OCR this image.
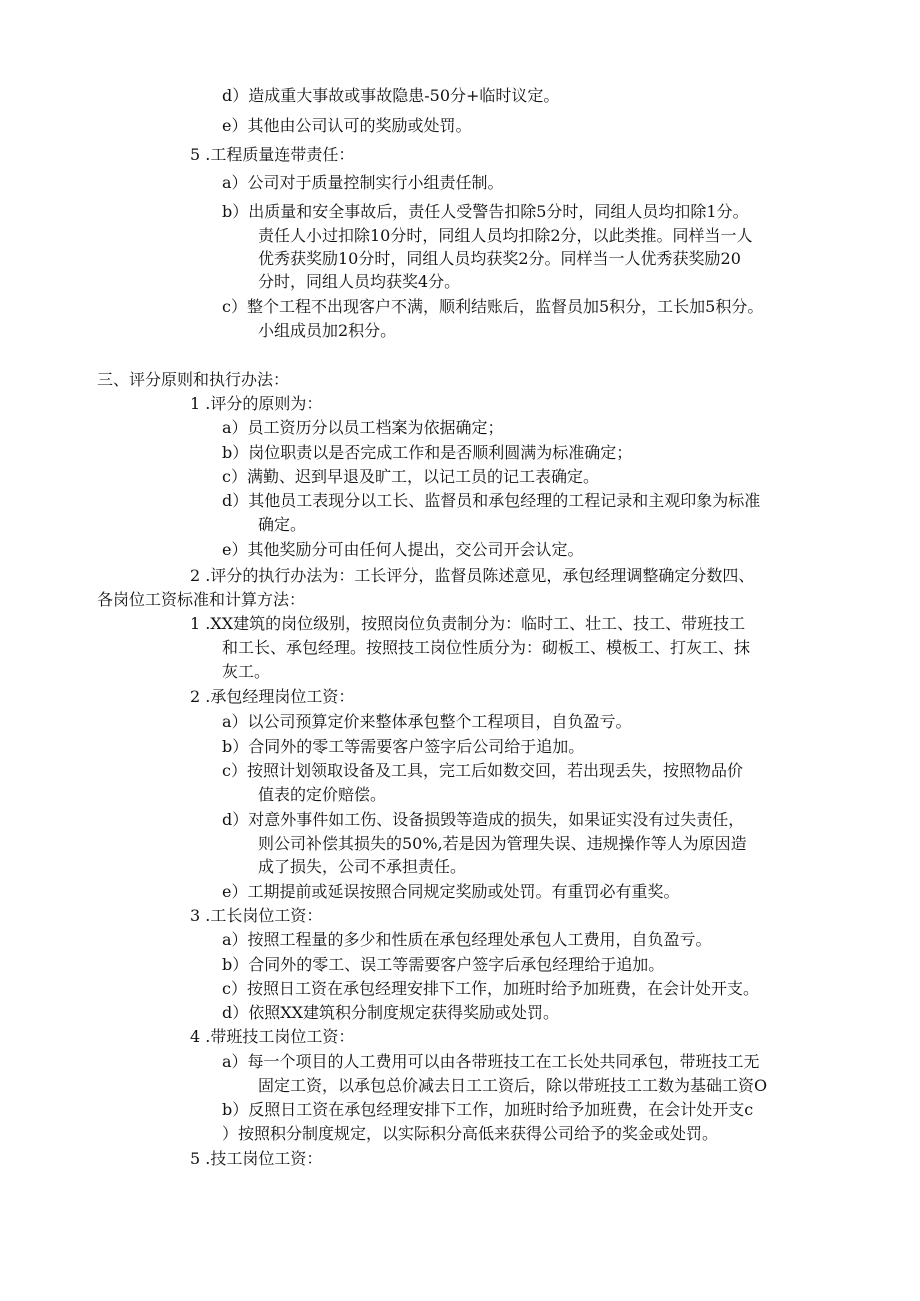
d）造成重大事故或事故隐患-50分+临时议定。
e）其他由公司认可的奖励或处罚。
5 .工程质量连带责任：
a）公司对于质量控制实行小组责任制。
b）出质量和安全事故后，责任人受警告扣除5分时，同组人员均扣除1分。
责任人小过扣除10分时，同组人员均扣除2分，以此类推。同样当一人
优秀获奖励10分时，同组人员均获奖2分。同样当一人优秀获奖励20
分时，同组人员均获奖4分。
c）整个工程不出现客户不满，顺利结账后，监督员加5积分，工长加5积分。
小组成员加2积分。
三、评分原则和执行办法：
1 .评分的原则为：
a）员工资历分以员工档案为依据确定；
b）岗位职责以是否完成工作和是否顺利圆满为标准确定；
c）满勤、迟到早退及旷工，以记工员的记工表确定。
d）其他员工表现分以工长、监督员和承包经理的工程记录和主观印象为标准
确定。
e）其他奖励分可由任何人提出，交公司开会认定。
2 .评分的执行办法为：工长评分，监督员陈述意见，承包经理调整确定分数四、
各岗位工资标准和计算方法：
1 .XX建筑的岗位级别，按照岗位负责制分为：临时工、壮工、技工、带班技工
和工长、承包经理。按照技工岗位性质分为：砌板工、模板工、打灰工、抹
灰工。
2 .承包经理岗位工资：
a）以公司预算定价来整体承包整个工程项目，自负盈亏。
b）合同外的零工等需要客户签字后公司给于追加。
c）按照计划领取设备及工具，完工后如数交回，若出现丢失，按照物品价
值表的定价赔偿。
d）对意外事件如工伤、设备损毁等造成的损失，如果证实没有过失责任，
则公司补偿其损失的50%,若是因为管理失误、违规操作等人为原因造
成了损失，公司不承担责任。
e）工期提前或延误按照合同规定奖励或处罚。有重罚必有重奖。
3 .工长岗位工资：
a）按照工程量的多少和性质在承包经理处承包人工费用，自负盈亏。
b）合同外的零工、误工等需要客户签字后承包经理给于追加。
c）按照日工资在承包经理安排下工作，加班时给予加班费，在会计处开支。
d）依照XX建筑积分制度规定获得奖励或处罚。
4 .带班技工岗位工资：
a）每一个项目的人工费用可以由各带班技工在工长处共同承包，带班技工无
固定工资，以承包总价减去日工工资后，除以带班技工工数为基础工资O
b）反照日工资在承包经理安排下工作，加班时给予加班费，在会计处开支c
）按照积分制度规定，以实际积分高低来获得公司给予的奖金或处罚。
5 .技工岗位工资：
